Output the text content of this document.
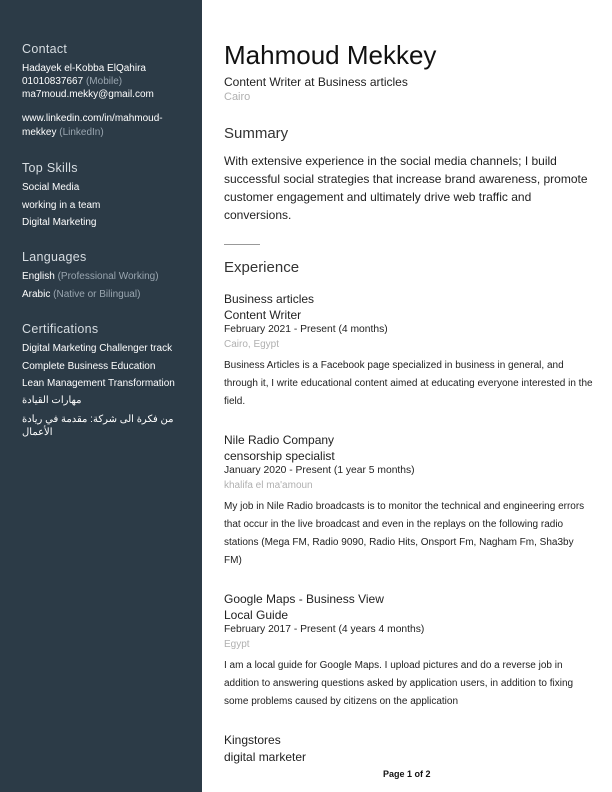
Contact
Hadayek el-Kobba ElQahira
01010837667 (Mobile)
ma7moud.mekky@gmail.com
www.linkedin.com/in/mahmoud-
mekkey (LinkedIn)
Top Skills
Social Media
working in a team
Digital Marketing
Languages
English (Professional Working)
Arabic (Native or Bilingual)
Certifications
Digital Marketing Challenger track
Complete Business Education
Lean Management Transformation
مهارات القيادة
من فكرة الى شركة: مقدمة في ريادة الأعمال
Mahmoud Mekkey
Content Writer at Business articles
Cairo
Summary
With extensive experience in the social media channels; I build successful social strategies that increase brand awareness, promote customer engagement and ultimately drive web traffic and conversions.
Experience
Business articles
Content Writer
February 2021 - Present (4 months)
Cairo, Egypt
Business Articles is a Facebook page specialized in business in general, and through it, I write educational content aimed at educating everyone interested in the field.
Nile Radio Company
censorship specialist
January 2020 - Present (1 year 5 months)
khalifa el ma'amoun
My job in Nile Radio broadcasts is to monitor the technical and engineering errors that occur in the live broadcast and even in the replays on the following radio stations (Mega FM, Radio 9090, Radio Hits, Onsport Fm, Nagham Fm, Sha3by FM)
Google Maps - Business View
Local Guide
February 2017 - Present (4 years 4 months)
Egypt
I am a local guide for Google Maps. I upload pictures and do a reverse job in addition to answering questions asked by application users, in addition to fixing some problems caused by citizens on the application
Kingstores
digital marketer
Page 1 of 2
